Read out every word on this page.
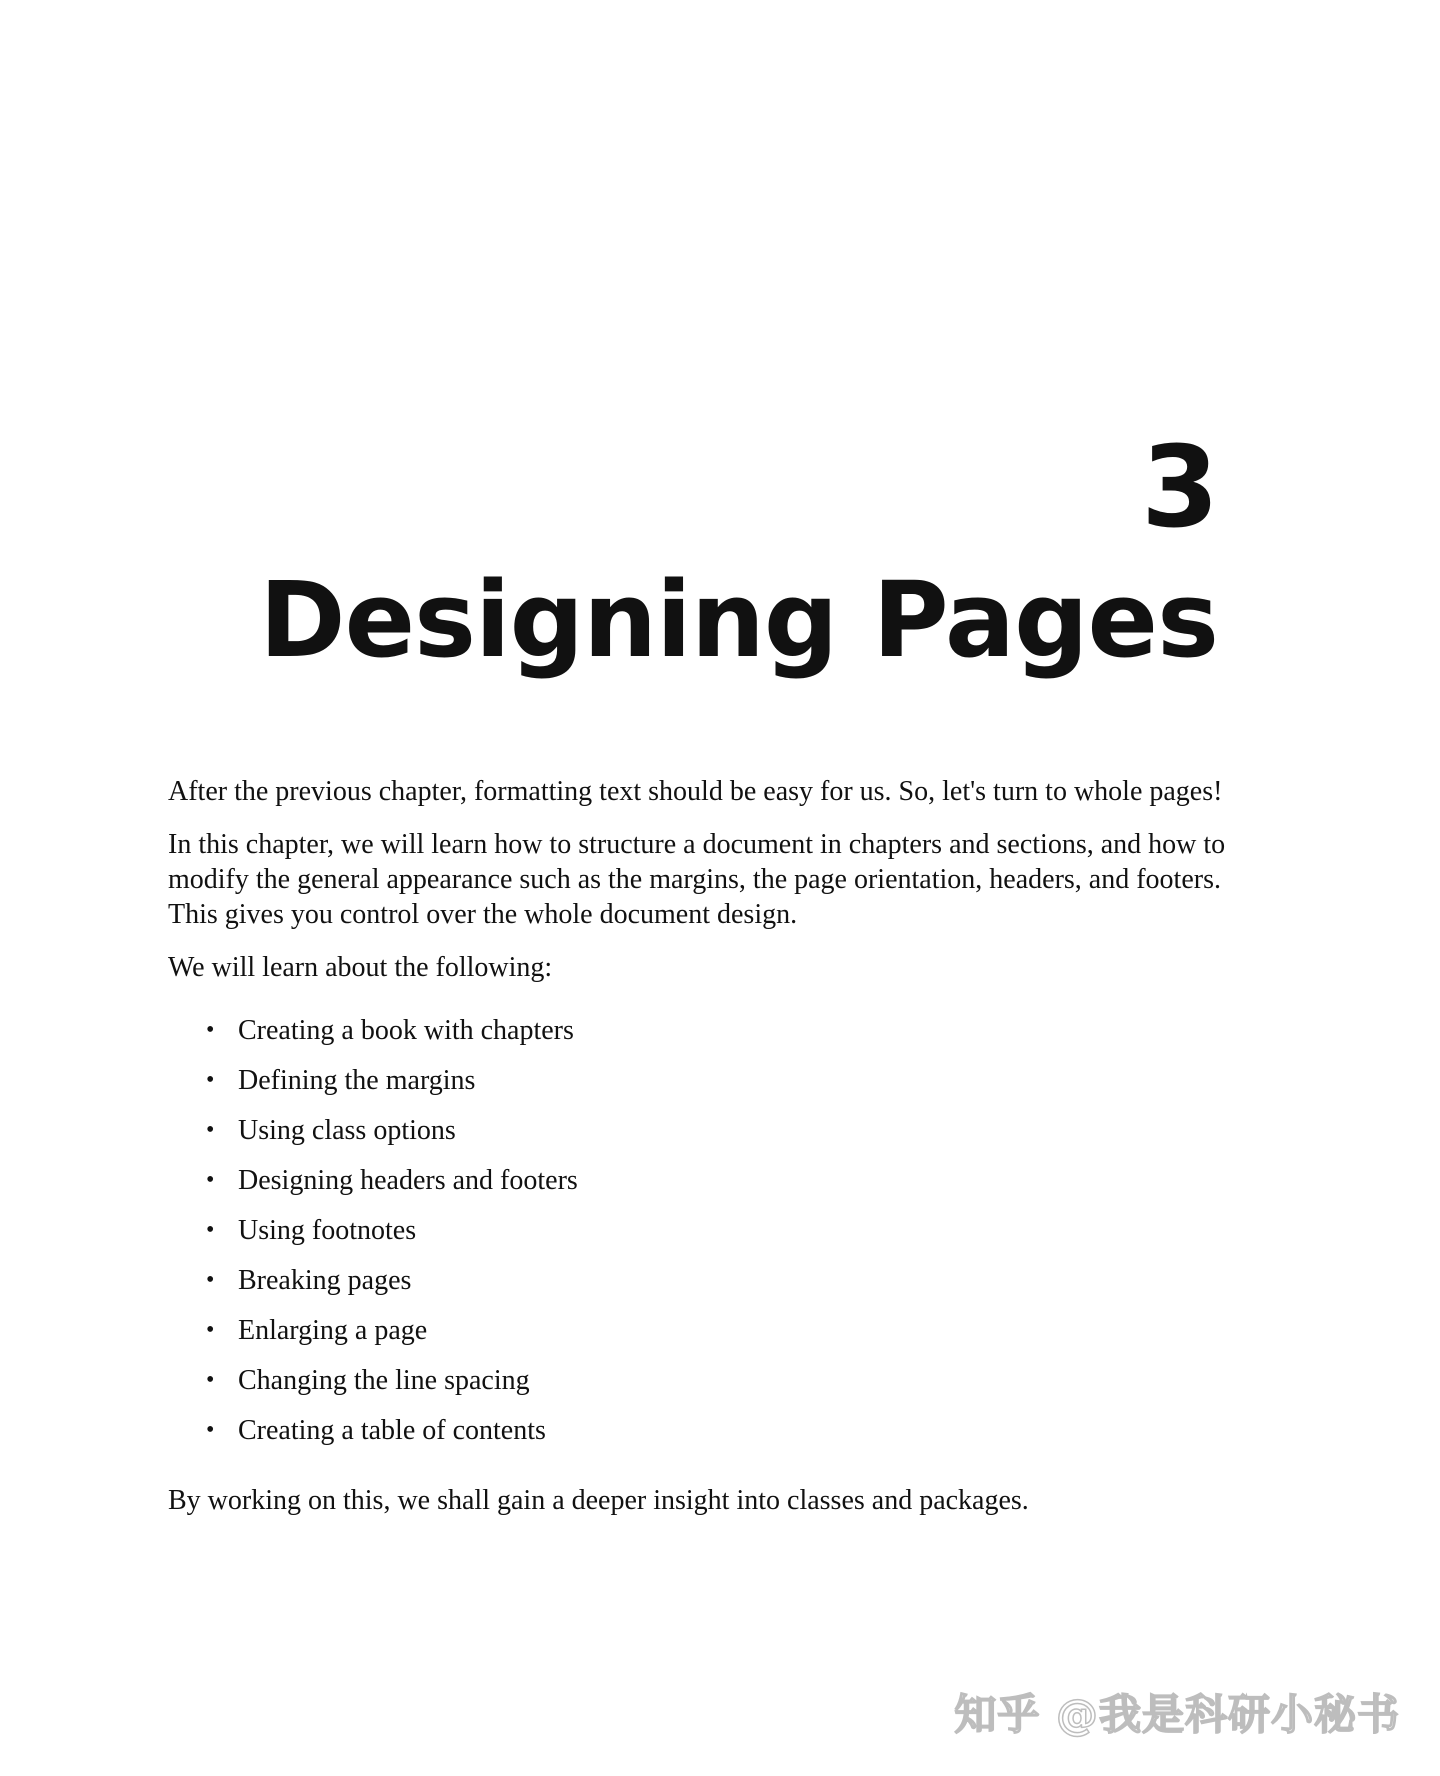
3
Designing Pages

After the previous chapter, formatting text should be easy for us. So, let's turn to whole pages!

In this chapter, we will learn how to structure a document in chapters and sections, and how to modify the general appearance such as the margins, the page orientation, headers, and footers. This gives you control over the whole document design.

We will learn about the following:

• Creating a book with chapters
• Defining the margins
• Using class options
• Designing headers and footers
• Using footnotes
• Breaking pages
• Enlarging a page
• Changing the line spacing
• Creating a table of contents

By working on this, we shall gain a deeper insight into classes and packages.

知乎 @我是科研小秘书
